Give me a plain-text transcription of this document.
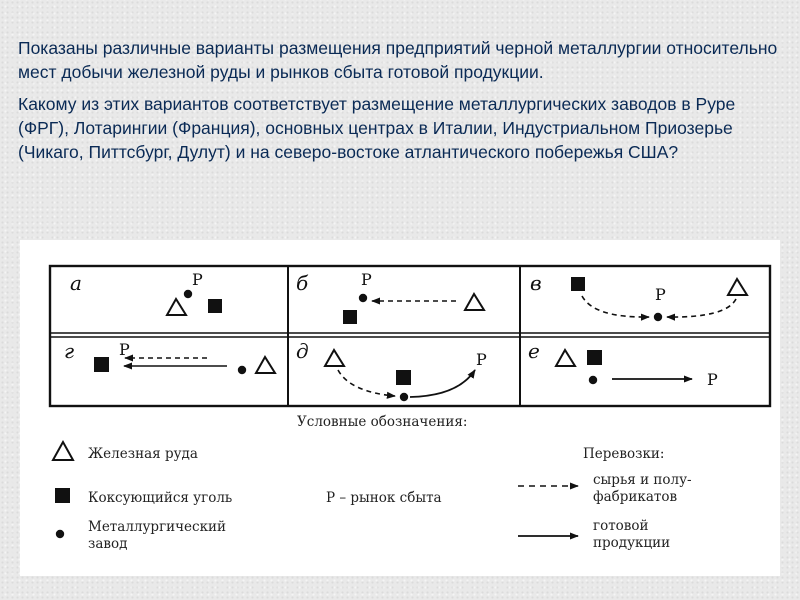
Показаны различные варианты размещения предприятий черной металлургии относительно мест добычи железной руды и рынков сбыта готовой продукции.

Какому из этих вариантов соответствует размещение металлургических заводов в Руре (ФРГ), Лотарингии (Франция), основных центрах в Италии, Индустриальном Приозерье (Чикаго, Питтсбург, Дулут) и на северо-востоке атлантического побережья США?

а	Р	б	Р	в	Р
г	Р	д	Р е
Р
Условные обозначения:
Железная руда
Коксующийся уголь
Металлургический
завод
Р – рынок сбыта
Перевозки:
сырья и полу-
фабрикатов
готовой
продукции
